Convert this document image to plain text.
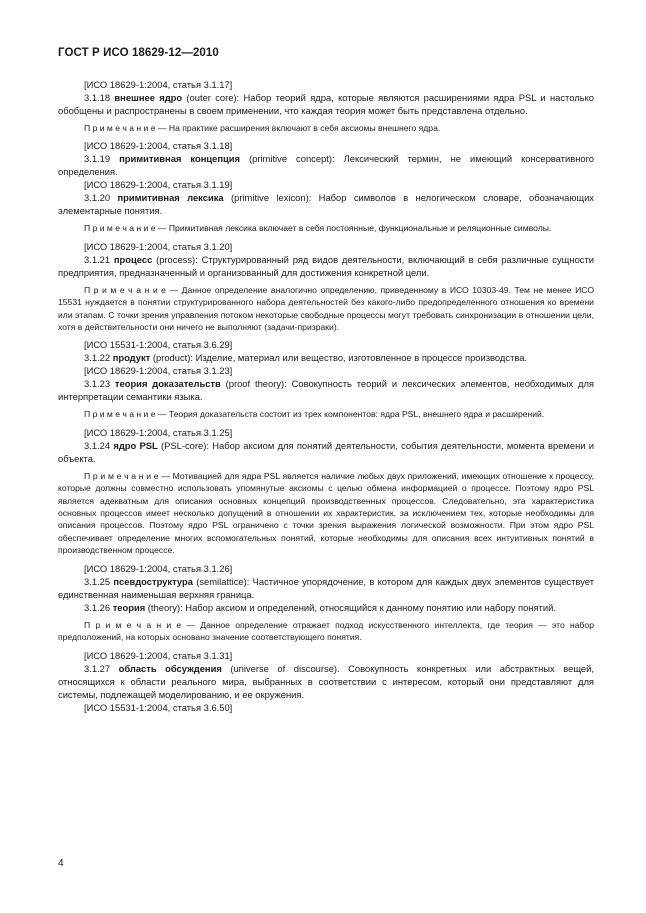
ГОСТ Р ИСО 18629-12—2010

[ИСО 18629-1:2004, статья 3.1.17]

3.1.18 внешнее ядро (outer core): Набор теорий ядра, которые являются расширениями ядра PSL и настолько обобщены и распространены в своем применении, что каждая теория может быть представлена отдельно.

П р и м е ч а н и е — На практике расширения включают в себя аксиомы внешнего ядра.

[ИСО 18629-1:2004, статья 3.1.18]

3.1.19 примитивная концепция (primitive concept): Лексический термин, не имеющий консервативного определения.

[ИСО 18629-1:2004, статья 3.1.19]

3.1.20 примитивная лексика (primitive lexicon): Набор символов в нелогическом словаре, обозначающих элементарные понятия.

П р и м е ч а н и е — Примитивная лексика включает в себя постоянные, функциональные и реляционные символы.

[ИСО 18629-1:2004, статья 3.1.20]

3.1.21 процесс (process): Структурированный ряд видов деятельности, включающий в себя различные сущности предприятия, предназначенный и организованный для достижения конкретной цели.

П р и м е ч а н и е — Данное определение аналогично определению, приведенному в ИСО 10303-49. Тем не менее ИСО 15531 нуждается в понятии структурированного набора деятельностей без какого-либо предопределенного отношения ко времени или этапам. С точки зрения управления потоком некоторые свободные процессы могут требовать синхронизации в отношении цели, хотя в действительности они ничего не выполняют (задачи-призраки).

[ИСО 15531-1:2004, статья 3.6.29]

3.1.22 продукт (product): Изделие, материал или вещество, изготовленное в процессе производства.

[ИСО 18629-1:2004, статья 3.1.23]

3.1.23 теория доказательств (proof theory): Совокупность теорий и лексических элементов, необходимых для интерпретации семантики языка.

П р и м е ч а н и е — Теория доказательств состоит из трех компонентов: ядра PSL, внешнего ядра и расширений.

[ИСО 18629-1:2004, статья 3.1.25]

3.1.24 ядро PSL (PSL-core): Набор аксиом для понятий деятельности, события деятельности, момента времени и объекта.

П р и м е ч а н и е — Мотивацией для ядра PSL является наличие любых двух приложений, имеющих отношение к процессу, которые должны совместно использовать упомянутые аксиомы с целью обмена информацией о процессе. Поэтому ядро PSL является адекватным для описания основных концепций производственных процессов. Следовательно, эта характеристика основных процессов имеет несколько допущений в отношении их характеристик, за исключением тех, которые необходимы для описания процессов. Поэтому ядро PSL ограничено с точки зрения выражения логической возможности. При этом ядро PSL обеспечивает определение многих вспомогательных понятий, которые необходимы для описания всех интуитивных понятий в производственном процессе.

[ИСО 18629-1:2004, статья 3.1.26]

3.1.25 псевдоструктура (semilattice): Частичное упорядочение, в котором для каждых двух элементов существует единственная наименьшая верхняя граница.

3.1.26 теория (theory): Набор аксиом и определений, относящийся к данному понятию или набору понятий.

П р и м е ч а н и е — Данное определение отражает подход искусственного интеллекта, где теория — это набор предположений, на которых основано значение соответствующего понятия.

[ИСО 18629-1:2004, статья 3.1.31]

3.1.27 область обсуждения (universe of discourse). Совокупность конкретных или абстрактных вещей, относящихся к области реального мира, выбранных в соответствии с интересом, который они представляют для системы, подлежащей моделированию, и ее окружения.

[ИСО 15531-1:2004, статья 3.6.50]

4
